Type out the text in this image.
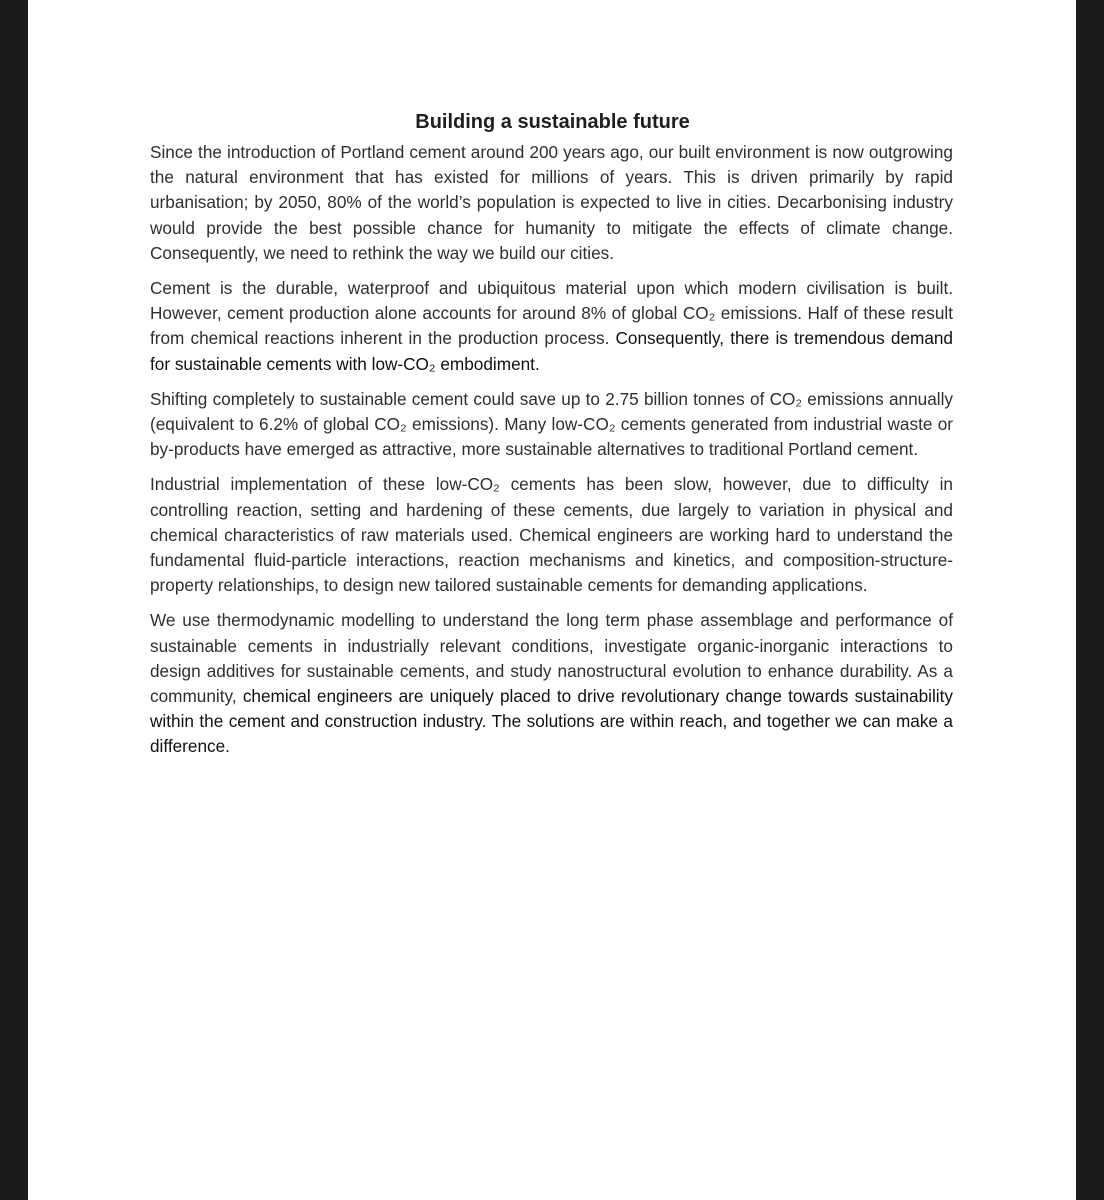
Building a sustainable future

Since the introduction of Portland cement around 200 years ago, our built environment is now outgrowing the natural environment that has existed for millions of years. This is driven primarily by rapid urbanisation; by 2050, 80% of the world’s population is expected to live in cities. Decarbonising industry would provide the best possible chance for humanity to mitigate the effects of climate change. Consequently, we need to rethink the way we build our cities.

Cement is the durable, waterproof and ubiquitous material upon which modern civilisation is built. However, cement production alone accounts for around 8% of global CO₂ emissions. Half of these result from chemical reactions inherent in the production process. Consequently, there is tremendous demand for sustainable cements with low-CO₂ embodiment.

Shifting completely to sustainable cement could save up to 2.75 billion tonnes of CO₂ emissions annually (equivalent to 6.2% of global CO₂ emissions). Many low-CO₂ cements generated from industrial waste or by-products have emerged as attractive, more sustainable alternatives to traditional Portland cement.

Industrial implementation of these low-CO₂ cements has been slow, however, due to difficulty in controlling reaction, setting and hardening of these cements, due largely to variation in physical and chemical characteristics of raw materials used. Chemical engineers are working hard to understand the fundamental fluid-particle interactions, reaction mechanisms and kinetics, and composition-structure-property relationships, to design new tailored sustainable cements for demanding applications.

We use thermodynamic modelling to understand the long term phase assemblage and performance of sustainable cements in industrially relevant conditions, investigate organic-inorganic interactions to design additives for sustainable cements, and study nanostructural evolution to enhance durability. As a community, chemical engineers are uniquely placed to drive revolutionary change towards sustainability within the cement and construction industry. The solutions are within reach, and together we can make a difference.
